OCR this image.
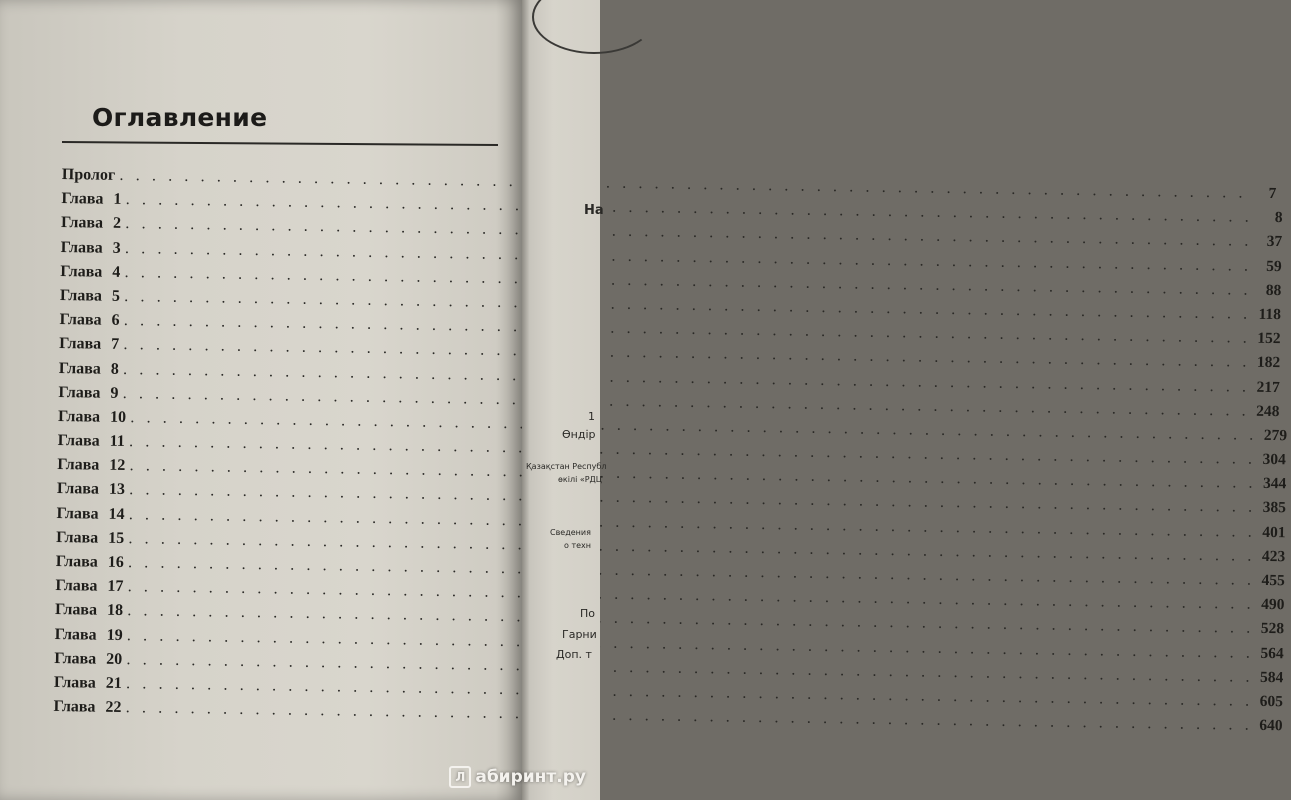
Оглавление
Пролог
. . .
7
Глава 1
. . .
8
Глава 2
. . .
37
Глава 3
. . .
59
Глава 4
. . .
88
Глава 5
. . .
118
Глава 6
. . .
152
Глава 7
. . .
182
Глава 8
. . .
217
Глава 9
. . .
248
Глава 10
. . .
279
Глава 11
. . .
304
Глава 12
. . .
344
Глава 13
. . .
385
Глава 14
. . .
401
Глава 15
. . .
423
Глава 16
. . .
455
Глава 17
. . .
490
Глава 18
. . .
528
Глава 19
. . .
564
Глава 20
. . .
584
Глава 21
. . .
605
Глава 22
. . .
640
На
1
Өндір
Қазақстан Республ
өкілі «РДЦ
Сведения
о техн
По
Гарни
Доп. т
Л абиринт.ру
